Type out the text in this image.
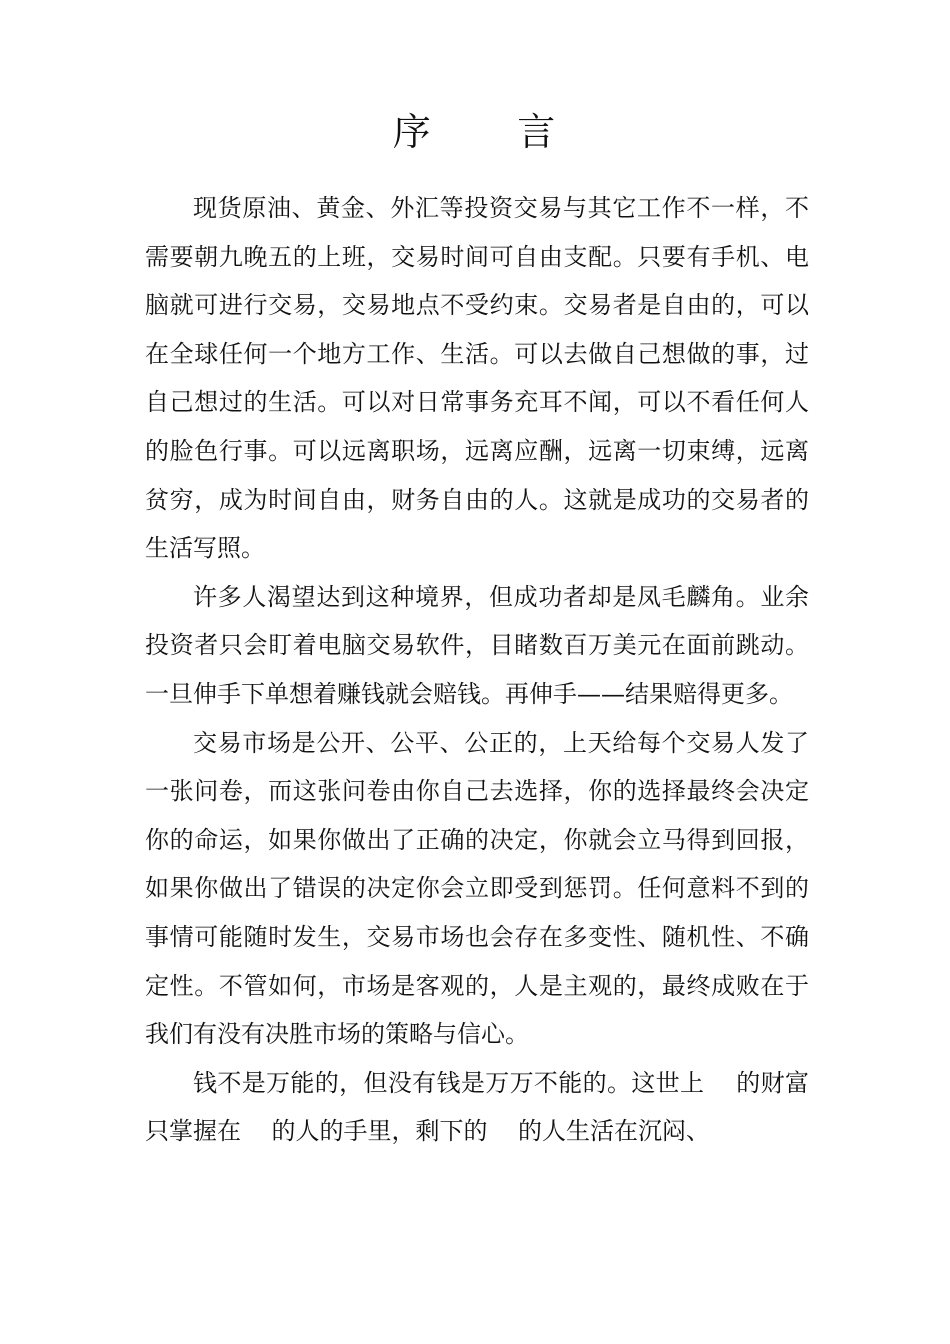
序      言

现货原油、黄金、外汇等投资交易与其它工作不一样，不需要朝九晚五的上班，交易时间可自由支配。只要有手机、电脑就可进行交易，交易地点不受约束。交易者是自由的，可以在全球任何一个地方工作、生活。可以去做自己想做的事，过自己想过的生活。可以对日常事务充耳不闻，可以不看任何人的脸色行事。可以远离职场，远离应酬，远离一切束缚，远离贫穷，成为时间自由，财务自由的人。这就是成功的交易者的生活写照。

许多人渴望达到这种境界，但成功者却是凤毛麟角。业余投资者只会盯着电脑交易软件，目睹数百万美元在面前跳动。一旦伸手下单想着赚钱就会赔钱。再伸手——结果赔得更多。

交易市场是公开、公平、公正的，上天给每个交易人发了一张问卷，而这张问卷由你自己去选择，你的选择最终会决定你的命运，如果你做出了正确的决定，你就会立马得到回报，如果你做出了错误的决定你会立即受到惩罚。任何意料不到的事情可能随时发生，交易市场也会存在多变性、随机性、不确定性。不管如何，市场是客观的，人是主观的，最终成败在于我们有没有决胜市场的策略与信心。

钱不是万能的，但没有钱是万万不能的。这世上    的财富只掌握在    的人的手里，剩下的    的人生活在沉闷、
